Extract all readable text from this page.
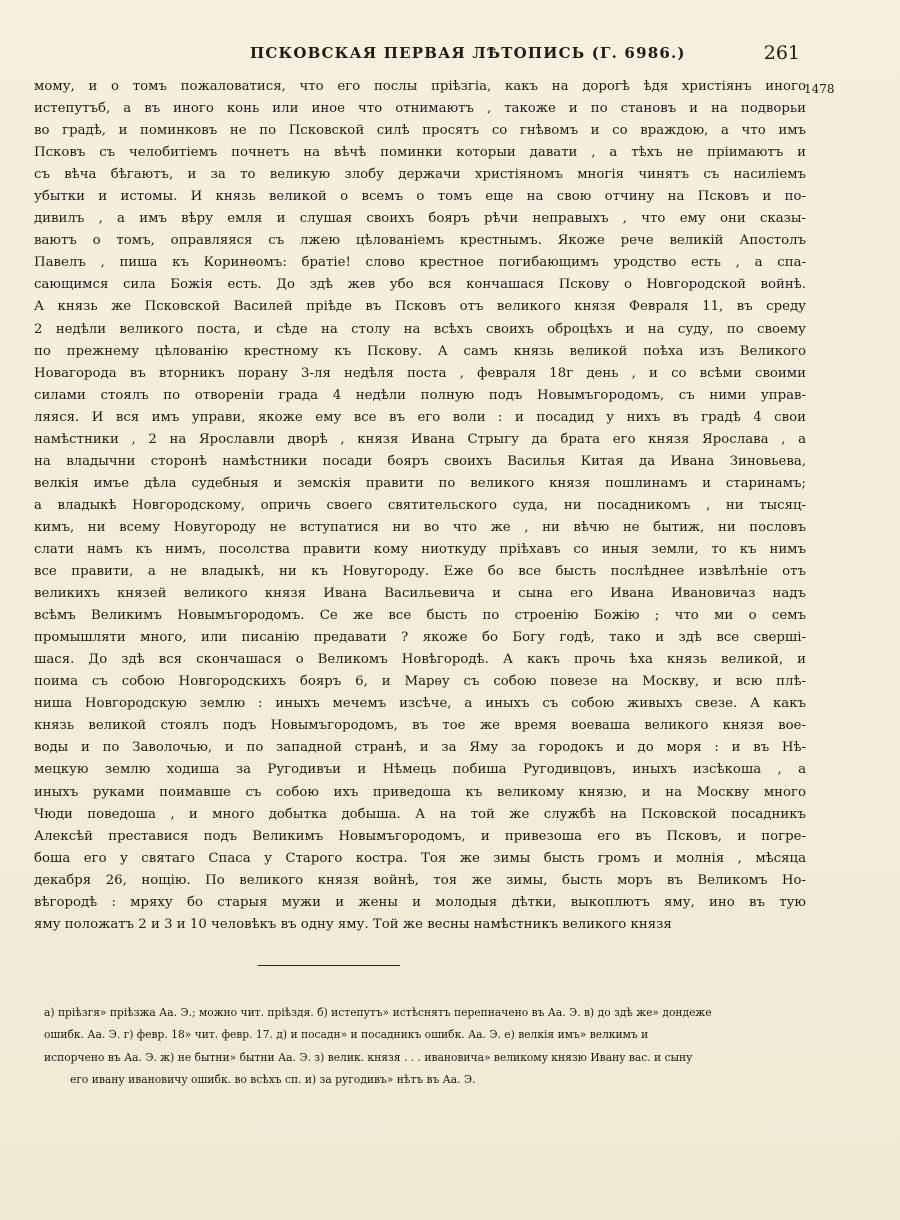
ПСКОВСКАЯ ПЕРВАЯ ЛѢТОПИСЬ (Г. 6986.)	261
1478
мому, и о томъ пожаловатися, что его послы прiѣзгiа, какъ на дорогѣ ѣдя христiянъ иного
истепутъб, а въ иного конь или иное что отнимаютъ , такоже и по становъ и на подворьи
во градѣ, и поминковъ не по Псковской силѣ просятъ со гнѣвомъ и со враждою, а что имъ
Псковъ съ челобитiемъ почнетъ на вѣчѣ поминки которыи давати , а тѣхъ не прiимаютъ и
съ вѣча бѣгаютъ, и за то великую злобу держачи христiяномъ многiя чинятъ съ насилiемъ
убытки и истомы. И князь великой о всемъ о томъ еще на свою отчину на Псковъ и по-
дивилъ , а имъ вѣру емля и слушая своихъ бояръ рѣчи неправыхъ , что ему они сказы-
ваютъ о томъ, оправляяся съ лжею цѣлованiемъ крестнымъ. Якоже рече великiй Апостолъ
Павелъ , пиша къ Коринѳомъ: братiе! слово крестное погибающимъ уродство есть , а спа-
сающимся сила Божiя есть. До здѣ жев убо вся кончашася Пскову о Новгородской войнѣ.
А князь же Псковской Василей прiѣде въ Псковъ отъ великого князя Февраля 11, въ среду
2 недѣли великого поста, и сѣде на столу на всѣхъ своихъ оброцѣхъ и на суду, по своему
по прежнему цѣлованiю крестному къ Пскову. А самъ князь великой поѣха изъ Великого
Новагорода въ вторникъ порану 3-ля недѣля поста , февраля 18г день , и со всѣми своими
силами стоялъ по отворенiи града 4 недѣли полную подъ Новымъгородомъ, съ ними управ-
ляяся. И вся имъ управи, якоже ему все въ его воли : и посадид у нихъ въ градѣ 4 свои
намѣстники , 2 на Ярославли дворѣ , князя Ивана Стрыгу да брата его князя Ярослава , а
на владычни сторонѣ намѣстники посади бояръ своихъ Василья Китая да Ивана Зиновьева,
велкiя имъе дѣла судебныя и земскiя правити по великого князя пошлинамъ и старинамъ;
а владыкѣ Новгородскому, опричь своего святительского суда, ни посадникомъ , ни тысяц-
кимъ, ни всему Новугороду не вступатися ни во что же , ни вѣчю не бытиж, ни пословъ
слати намъ къ нимъ, посолства правити кому ниоткуду прiѣхавъ со иныя земли, то къ нимъ
все правити, а не владыкѣ, ни къ Новугороду. Еже бо все бысть послѣднее извѣлѣнiе отъ
великихъ князей великого князя Ивана Васильевича и сына его Ивана Ивановичаз надъ
всѣмъ Великимъ Новымъгородомъ. Се же все бысть по строенiю Божiю ; что ми о семъ
промышляти много, или писанiю предавати ? якоже бо Богу годѣ, тако и здѣ все свершi-
шася. До здѣ вся скончашася о Великомъ Новѣгородѣ. А какъ прочь ѣха князь великой, и
поима съ собою Новгородскихъ бояръ 6, и Марѳу съ собою повезе на Москву, и всю плѣ-
ниша Новгородскую землю : иныхъ мечемъ изсѣче, а иныхъ съ собою живыхъ свезе. А какъ
князь великой стоялъ подъ Новымъгородомъ, въ тое же время воеваша великого князя вое-
воды и по Заволочью, и по западной странѣ, и за Яму за городокъ и до моря : и въ Нѣ-
мецкую землю ходиша за Ругодивъи и Нѣмець побиша Ругодивцовъ, иныхъ изсѣкоша , а
иныхъ руками поимавше съ собою ихъ приведоша къ великому князю, и на Москву много
Чюди поведоша , и много добытка добыша. А на той же службѣ на Псковской посадникъ
Алексѣй преставися подъ Великимъ Новымъгородомъ, и привезоша его въ Псковъ, и погре-
боша его у святаго Спаса у Старого костра. Тоя же зимы бысть громъ и молнiя , мѣсяца
декабря 26, нощiю. По великого князя войнѣ, тоя же зимы, бысть моръ въ Великомъ Но-
вѣгородѣ : мряху бо старыя мужи и жены и молодыя дѣтки, выкоплютъ яму, ино въ тую
яму положатъ 2 и 3 и 10 человѣкъ въ одну яму. Той же весны намѣстникъ великого князя
а) прiѣзгя» прiѣзжа Аа. Э.; можно чит. прiѣздя. б) истепутъ» истѣснятъ перепначено въ Аа. Э. в) до здѣ же» дондеже
ошибк. Аа. Э. г) февр. 18» чит. февр. 17. д) и посадн» и посадникъ ошибк. Аа. Э. е) велкiя имъ» велкимъ и
испорчено въ Аа. Э. ж) не бытни» бытни Аа. Э. з) велик. князя . . . ивановича» великому князю Ивану вас. и сыну
его ивану ивановичу ошибк. во всѣхъ сп. и) за ругодивъ» нѣтъ въ Аа. Э.
